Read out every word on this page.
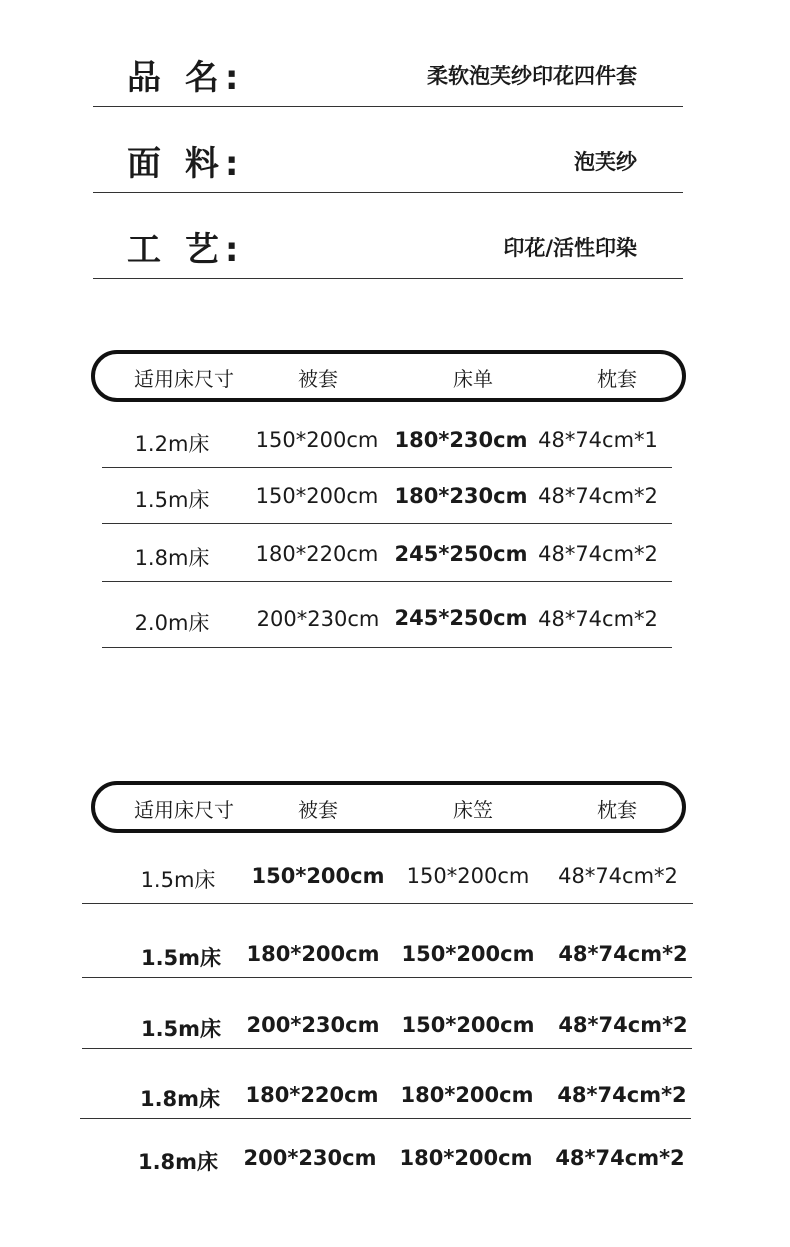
品 名:	柔软泡芙纱印花四件套
面 料:	泡芙纱
工 艺:	印花/活性印染
适用床尺寸	被套	床单	枕套
1.2m床 150*200cm 180*230cm 48*74cm*1
1.5m床 150*200cm 180*230cm 48*74cm*2
1.8m床 180*220cm 245*250cm 48*74cm*2
2.0m床 200*230cm 245*250cm 48*74cm*2
适用床尺寸	被套	床笠	枕套
1.5m床 150*200cm 150*200cm 48*74cm*2
1.5m床 180*200cm 150*200cm 48*74cm*2
1.5m床 200*230cm 150*200cm 48*74cm*2
1.8m床 180*220cm 180*200cm 48*74cm*2
1.8m床 200*230cm 180*200cm 48*74cm*2
